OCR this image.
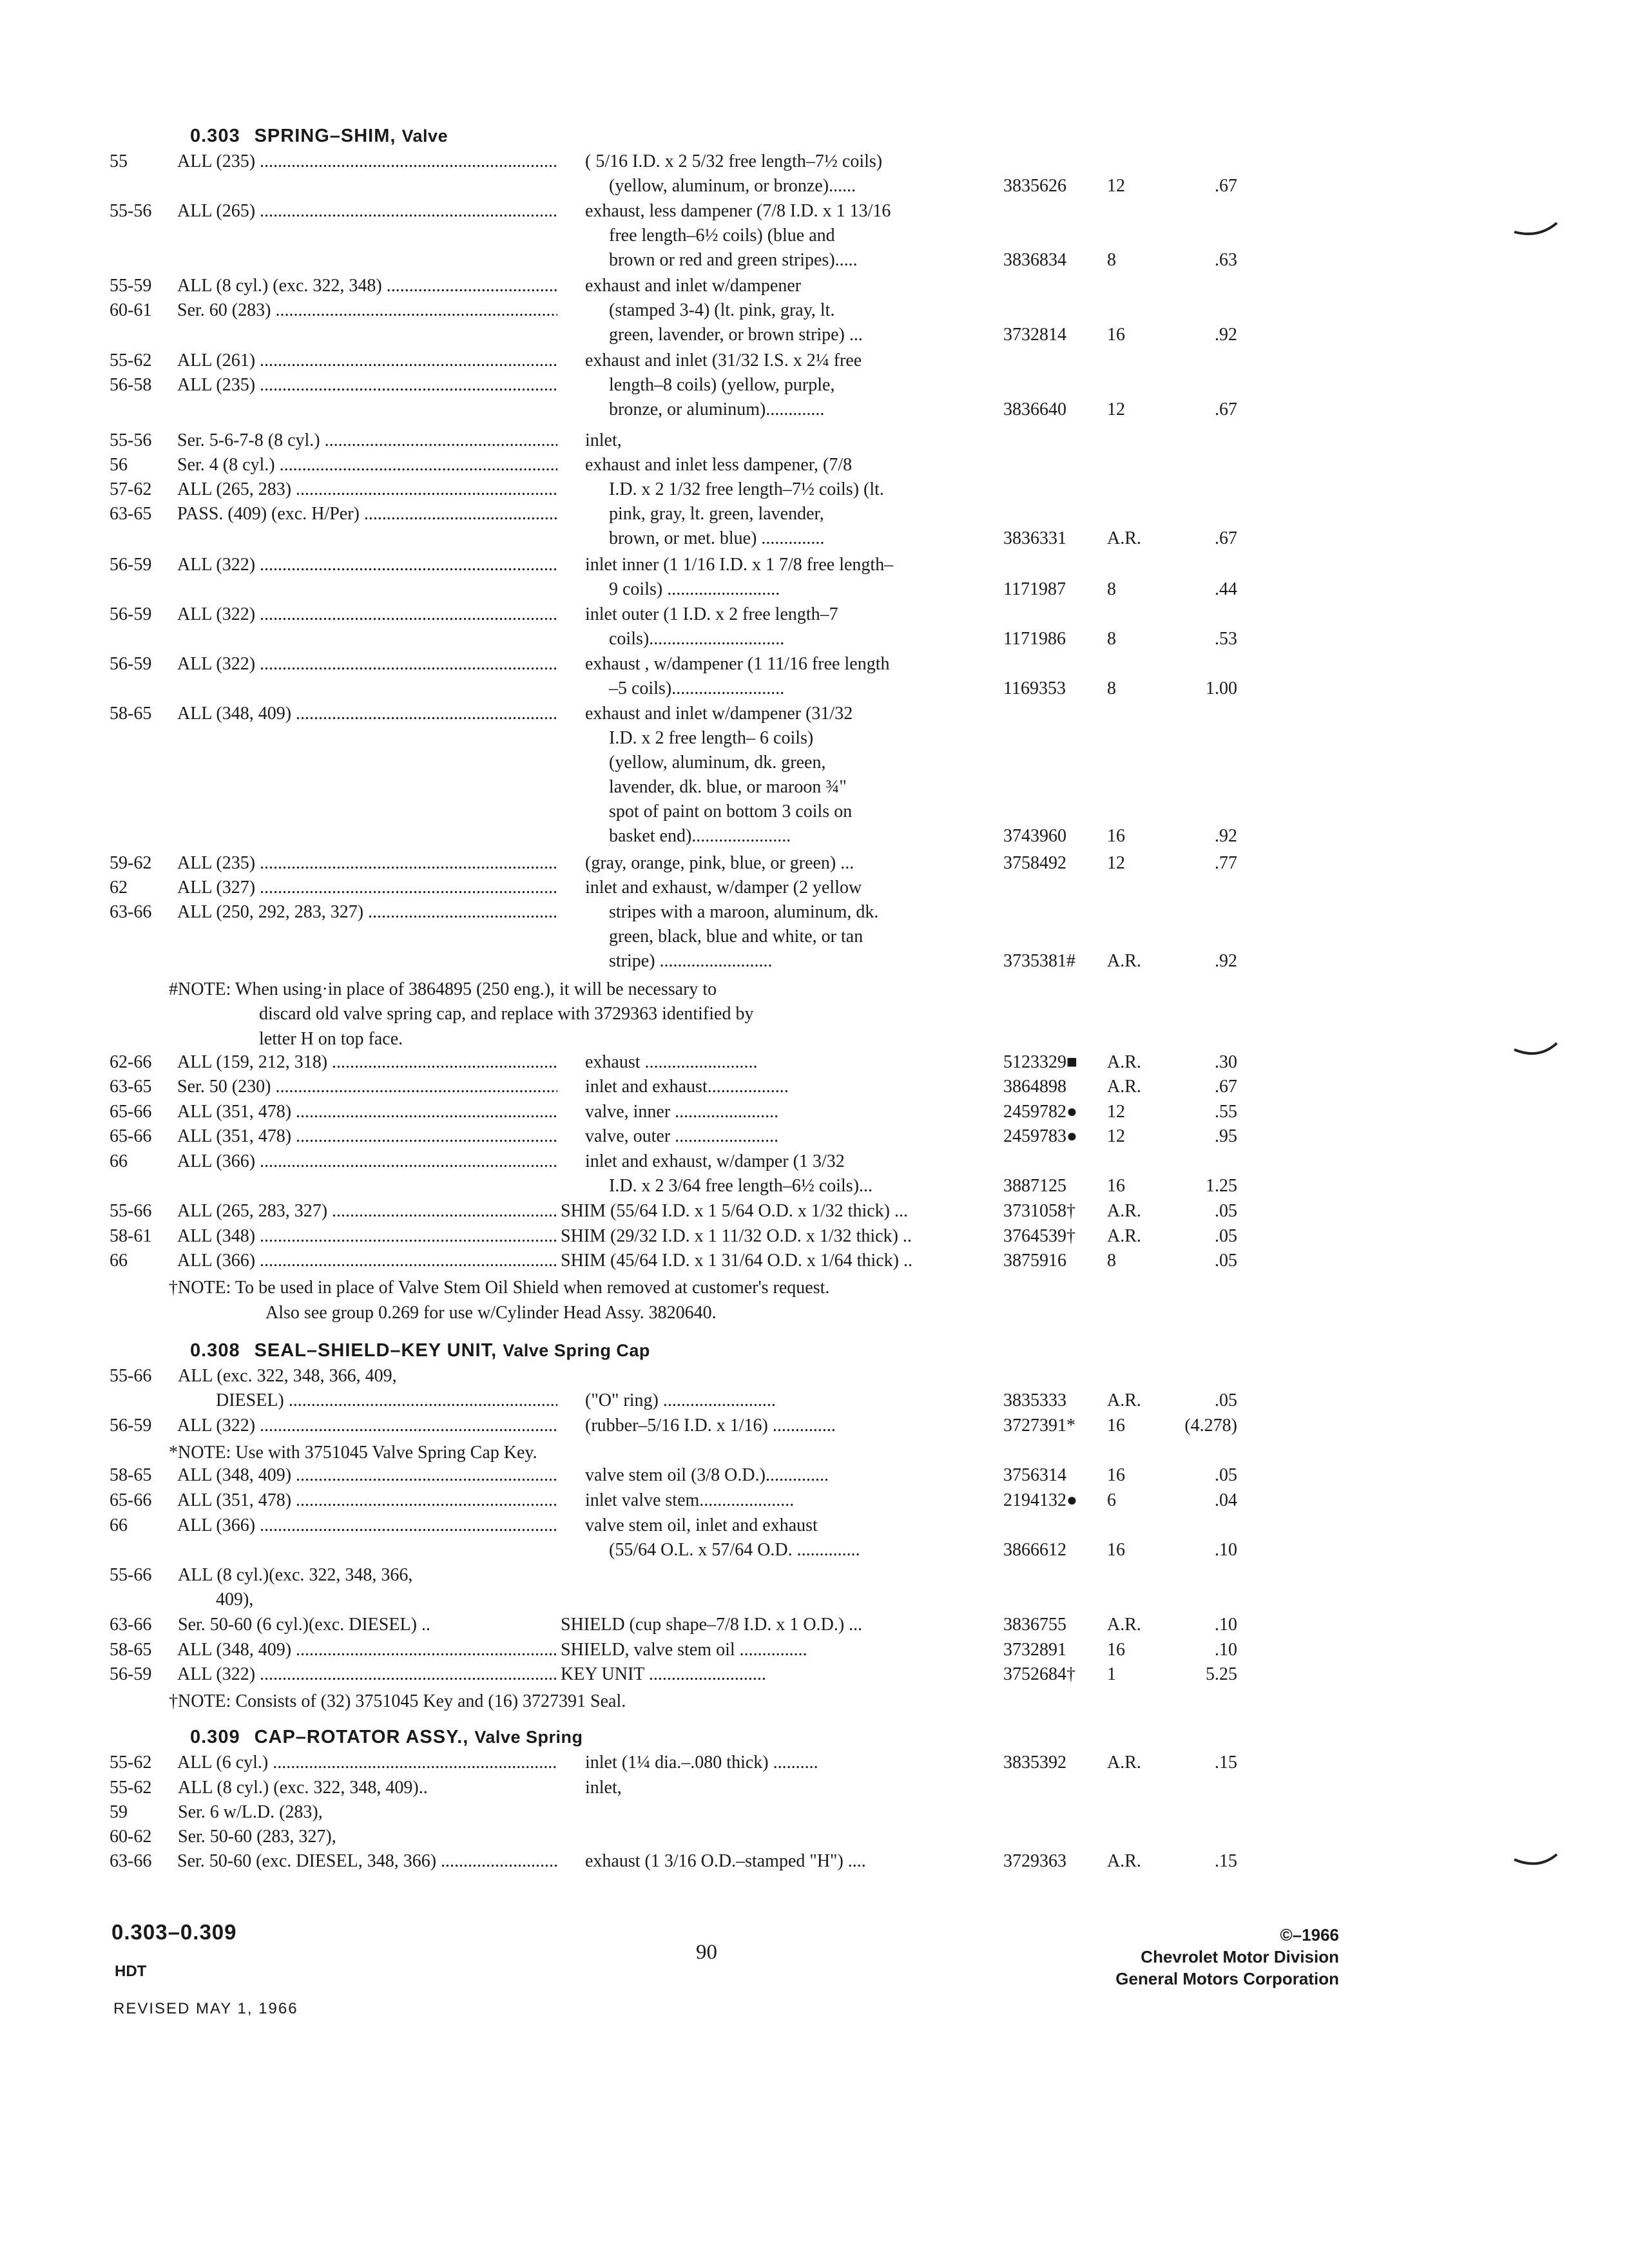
0.303 SPRING–SHIM, Valve
55	ALL (235) .....	( 5/16 I.D. x 2 5/32 free length–7½ coils)
(yellow, aluminum, or bronze)......	3835626 12	.67
55-56 ALL (265) .....	exhaust, less dampener (7/8 I.D. x 1 13/16
free length–6½ coils) (blue and
brown or red and green stripes).....	3836834 8	.63
55-59 ALL (8 cyl.) (exc. 322, 348) .....	exhaust and inlet w/dampener
60-61 Ser. 60 (283) .....	(stamped 3-4) (lt. pink, gray, lt.
green, lavender, or brown stripe) ...	3732814 16	.92
55-62 ALL (261) .....	exhaust and inlet (31/32 I.S. x 2¼ free
56-58 ALL (235) .....	length–8 coils) (yellow, purple,
bronze, or aluminum).............	3836640 12	.67
55-56 Ser. 5-6-7-8 (8 cyl.) .....	inlet,
56	Ser. 4 (8 cyl.) .....	exhaust and inlet less dampener, (7/8
57-62 ALL (265, 283) .....	I.D. x 2 1/32 free length–7½ coils) (lt.
63-65 PASS. (409) (exc. H/Per) .....	pink, gray, lt. green, lavender,
brown, or met. blue) ..............	3836331 A.R.	.67
56-59 ALL (322) .....	inlet inner (1 1/16 I.D. x 1 7/8 free length–
9 coils) .........................	1171987 8	.44
56-59 ALL (322) .....	inlet outer (1 I.D. x 2 free length–7
coils)..............................	1171986 8	.53
56-59 ALL (322) .....	exhaust , w/dampener (1 11/16 free length
–5 coils).........................	1169353 8	1.00
58-65 ALL (348, 409) .....	exhaust and inlet w/dampener (31/32
I.D. x 2 free length– 6 coils)
(yellow, aluminum, dk. green,
lavender, dk. blue, or maroon ¾"
spot of paint on bottom 3 coils on
basket end)......................	3743960 16	.92
59-62 ALL (235) .....	(gray, orange, pink, blue, or green) ...	3758492 12	.77
62	ALL (327) .....	inlet and exhaust, w/damper (2 yellow
63-66 ALL (250, 292, 283, 327) .....	stripes with a maroon, aluminum, dk.
green, black, blue and white, or tan
stripe) .........................	3735381# A.R.	.92
#NOTE: When using·in place of 3864895 (250 eng.), it will be necessary to
discard old valve spring cap, and replace with 3729363 identified by
letter H on top face.
62-66 ALL (159, 212, 318) .....	exhaust .........................	5123329■ A.R.	.30
63-65 Ser. 50 (230) .....	inlet and exhaust..................	3864898 A.R.	.67
65-66 ALL (351, 478) .....	valve, inner .......................	2459782● 12	.55
65-66 ALL (351, 478) .....	valve, outer .......................	2459783● 12	.95
66	ALL (366) .....	inlet and exhaust, w/damper (1 3/32
I.D. x 2 3/64 free length–6½ coils)...	3887125 16	1.25
55-66 ALL (265, 283, 327) .....	SHIM (55/64 I.D. x 1 5/64 O.D. x 1/32 thick) ...	3731058† A.R.	.05
58-61 ALL (348) .....	SHIM (29/32 I.D. x 1 11/32 O.D. x 1/32 thick) ..	3764539† A.R.	.05
66	ALL (366) .....	SHIM (45/64 I.D. x 1 31/64 O.D. x 1/64 thick) ..	3875916 8	.05
†NOTE: To be used in place of Valve Stem Oil Shield when removed at customer's request.
Also see group 0.269 for use w/Cylinder Head Assy. 3820640.
0.308 SEAL–SHIELD–KEY UNIT, Valve Spring Cap
55-66 ALL (exc. 322, 348, 366, 409,
DIESEL) .....	("O" ring) .........................	3835333 A.R.	.05
56-59 ALL (322) .....	(rubber–5/16 I.D. x 1/16) ..............	3727391* 16	(4.278)
*NOTE: Use with 3751045 Valve Spring Cap Key.
58-65 ALL (348, 409) .....	valve stem oil (3/8 O.D.)..............	3756314 16	.05
65-66 ALL (351, 478) .....	inlet valve stem.....................	2194132● 6	.04
66	ALL (366) .....	valve stem oil, inlet and exhaust
(55/64 O.L. x 57/64 O.D. ..............	3866612 16	.10
55-66 ALL (8 cyl.)(exc. 322, 348, 366,
409),
63-66 Ser. 50-60 (6 cyl.)(exc. DIESEL) ..	SHIELD (cup shape–7/8 I.D. x 1 O.D.) ...	3836755 A.R.	.10
58-65 ALL (348, 409) .....	SHIELD, valve stem oil ...............	3732891 16	.10
56-59 ALL (322) .....	KEY UNIT ..........................	3752684† 1	5.25
†NOTE: Consists of (32) 3751045 Key and (16) 3727391 Seal.
0.309 CAP–ROTATOR ASSY., Valve Spring
55-62 ALL (6 cyl.) .....	inlet (1¼ dia.–.080 thick) ..........	3835392 A.R.	.15
55-62 ALL (8 cyl.) (exc. 322, 348, 409)..	inlet,
59	Ser. 6 w/L.D. (283),
60-62 Ser. 50-60 (283, 327),
63-66 Ser. 50-60 (exc. DIESEL, 348, 366) .....	exhaust (1 3/16 O.D.–stamped "H") ....	3729363 A.R.	.15
0.303–0.309
HDT
REVISED MAY 1, 1966
90
©–1966
Chevrolet Motor Division
General Motors Corporation
